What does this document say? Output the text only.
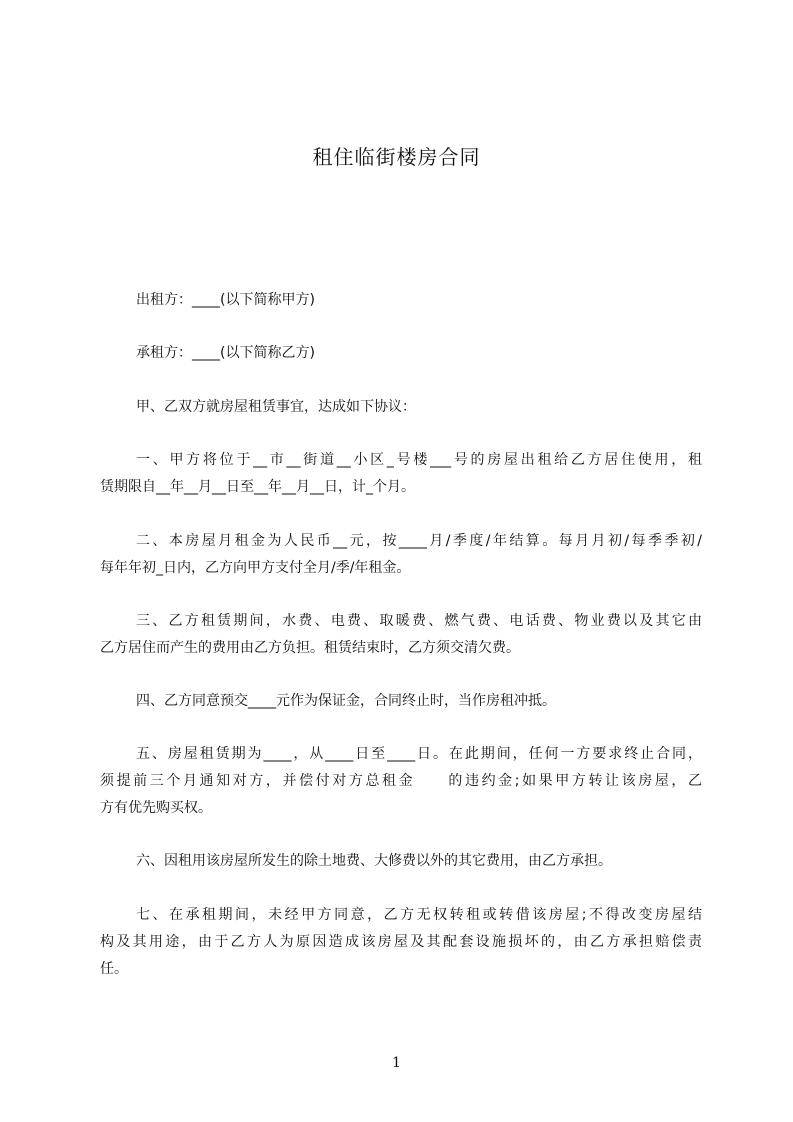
租住临街楼房合同
出租方：____(以下简称甲方)
承租方：____(以下简称乙方)
甲、乙双方就房屋租赁事宜，达成如下协议：
一、甲方将位于__市__街道__小区_号楼___号的房屋出租给乙方居住使用，租
赁期限自__年__月__日至__年__月__日，计_个月。
二、本房屋月租金为人民币__元，按____月/季度/年结算。每月月初/每季季初/
每年年初_日内，乙方向甲方支付全月/季/年租金。
三、乙方租赁期间，水费、电费、取暖费、燃气费、电话费、物业费以及其它由
乙方居住而产生的费用由乙方负担。租赁结束时，乙方须交清欠费。
四、乙方同意预交____元作为保证金，合同终止时，当作房租冲抵。
五、房屋租赁期为____，从____日至____日。在此期间，任何一方要求终止合同，
须提前三个月通知对方，并偿付对方总租金　　的违约金;如果甲方转让该房屋，乙
方有优先购买权。
六、因租用该房屋所发生的除土地费、大修费以外的其它费用，由乙方承担。
七、在承租期间，未经甲方同意，乙方无权转租或转借该房屋;不得改变房屋结
构及其用途，由于乙方人为原因造成该房屋及其配套设施损坏的，由乙方承担赔偿责
任。
1
